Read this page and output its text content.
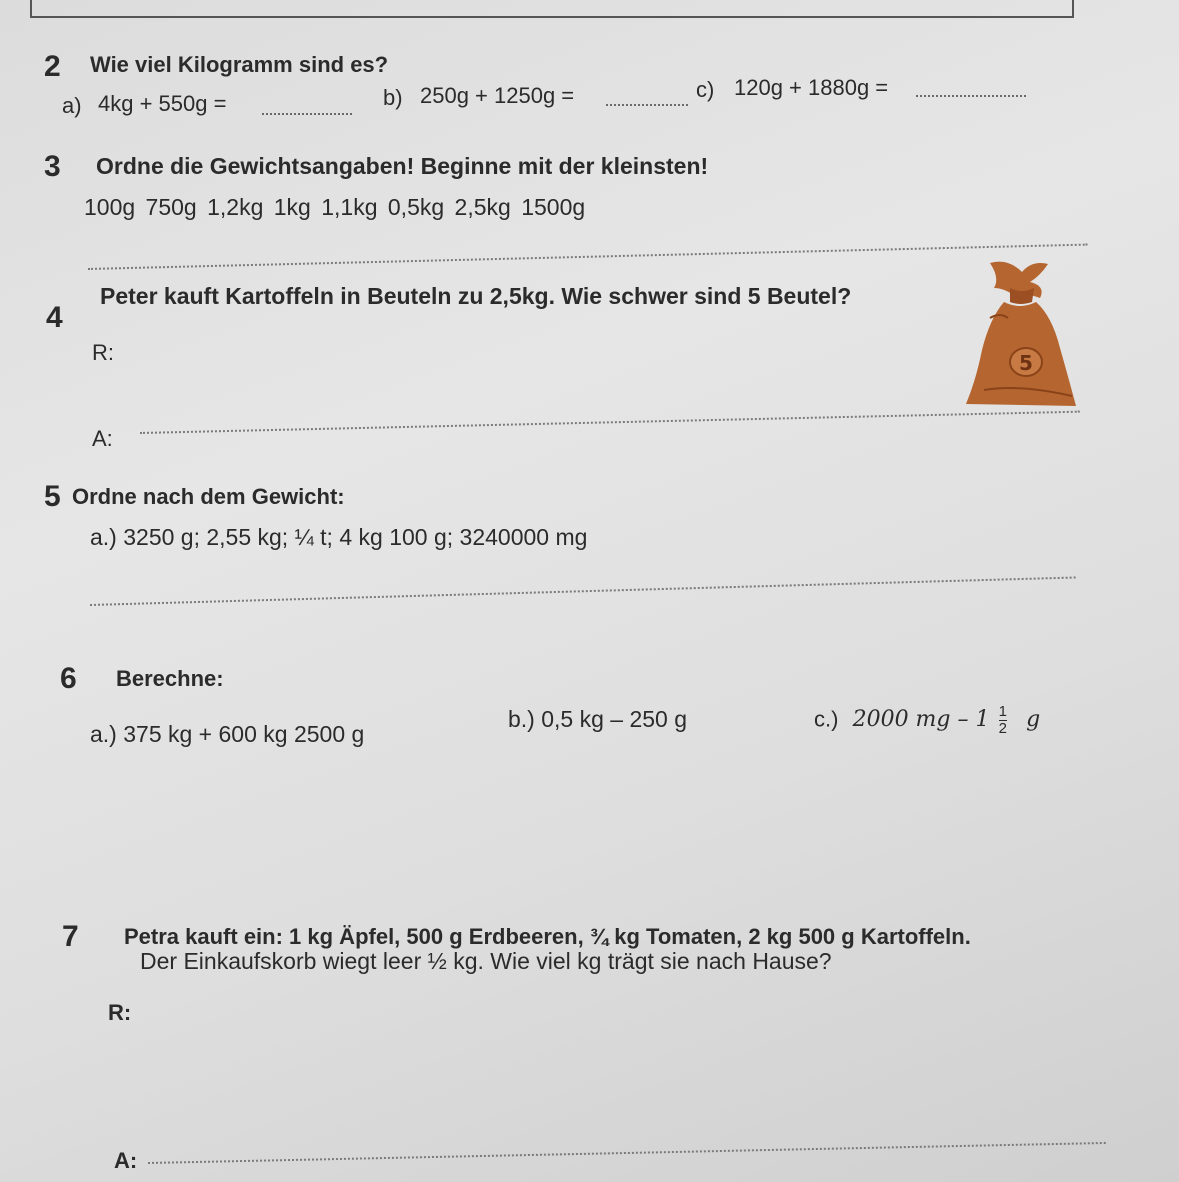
2 Wie viel Kilogramm sind es?
a) 4kg + 550g =	b) 250g + 1250g =	c) 120g + 1880g =
3 Ordne die Gewichtsangaben! Beginne mit der kleinsten!
100g 750g 1,2kg 1kg 1,1kg 0,5kg 2,5kg 1500g
4
Peter kauft Kartoffeln in Beuteln zu 2,5kg. Wie schwer sind 5 Beutel?
R:
A:
5
5 Ordne nach dem Gewicht:
a.) 3250 g; 2,55 kg; ¼ t; 4 kg 100 g; 3240000 mg
6 Berechne:
a.) 375 kg + 600 kg 2500 g
b.) 0,5 kg – 250 g	c.) 2000 mg – $1 \frac{1}{2}$ g
7 Petra kauft ein: 1 kg Äpfel, 500 g Erdbeeren, ¾ kg Tomaten, 2 kg 500 g Kartoffeln.
Der Einkaufskorb wiegt leer ½ kg. Wie viel kg trägt sie nach Hause?
R:
A:
